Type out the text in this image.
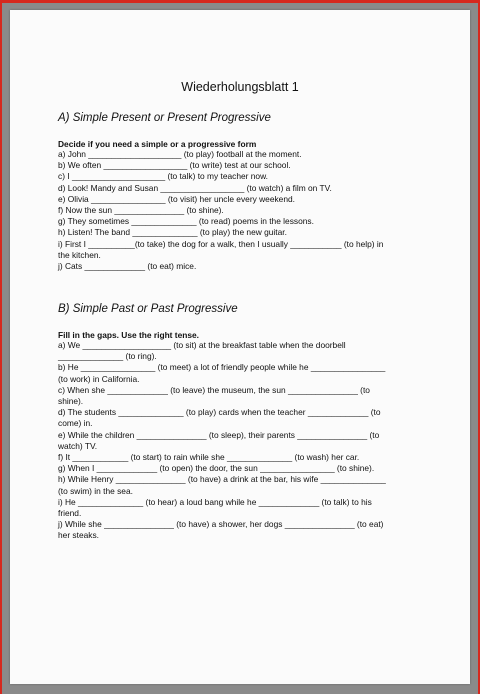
Wiederholungsblatt 1
A) Simple Present or Present Progressive
Decide if you need a simple or a progressive form
a) John ____________________ (to play) football at the moment.
b) We often __________________ (to write) test at our school.
c) I ____________________ (to talk) to my teacher now.
d) Look! Mandy and Susan __________________ (to watch) a film on TV.
e) Olivia ________________ (to visit) her uncle every weekend.
f) Now the sun _______________ (to shine).
g) They sometimes ______________ (to read) poems in the lessons.
h) Listen! The band ______________ (to play) the new guitar.
i) First I __________(to take) the dog for a walk, then I usually ___________ (to help) in
the kitchen.
j) Cats _____________ (to eat) mice.
B) Simple Past or Past Progressive
Fill in the gaps. Use the right tense.
a) We ___________________ (to sit) at the breakfast table when the doorbell
______________ (to ring).
b) He ________________ (to meet) a lot of friendly people while he ________________
(to work) in California.
c) When she _____________ (to leave) the museum, the sun _______________ (to
shine).
d) The students ______________ (to play) cards when the teacher _____________ (to
come) in.
e) While the children _______________ (to sleep), their parents _______________ (to
watch) TV.
f) It ____________ (to start) to rain while she ______________ (to wash) her car.
g) When I _____________ (to open) the door, the sun ________________ (to shine).
h) While Henry _______________ (to have) a drink at the bar, his wife ______________
(to swim) in the sea.
i) He ______________ (to hear) a loud bang while he _____________ (to talk) to his
friend.
j) While she _______________ (to have) a shower, her dogs _______________ (to eat)
her steaks.
